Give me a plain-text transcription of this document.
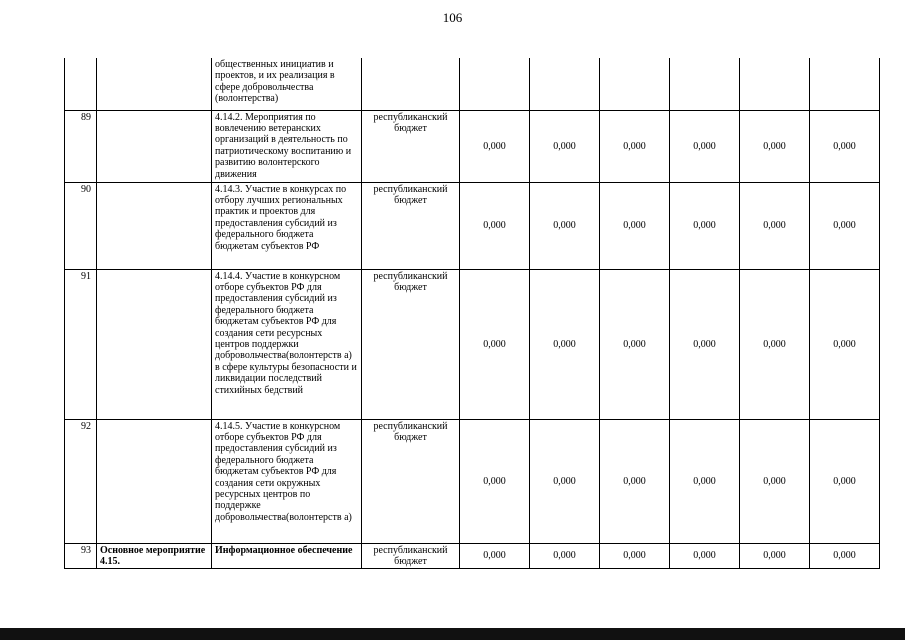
106
		общественных инициатив и проектов, и их реализация в сфере добровольчества (волонтерства)							
89		4.14.2. Мероприятия по вовлечению ветеранских организаций в деятельность по патриотическому воспитанию и развитию волонтерского движения	республиканский бюджет	0,000	0,000	0,000	0,000	0,000	0,000
90		4.14.3. Участие в конкурсах по отбору лучших региональных практик и проектов для предоставления субсидий из федерального бюджета бюджетам субъектов РФ	республиканский бюджет	0,000	0,000	0,000	0,000	0,000	0,000
91		4.14.4. Участие в конкурсном отборе субъектов РФ для предоставления субсидий из федерального бюджета бюджетам субъектов РФ для создания сети ресурсных центров поддержки добровольчества(волонтерств а) в сфере культуры безопасности и ликвидации последствий стихийных бедствий	республиканский бюджет	0,000	0,000	0,000	0,000	0,000	0,000
92		4.14.5. Участие в конкурсном отборе субъектов РФ для предоставления субсидий из федерального бюджета бюджетам субъектов РФ для создания сети окружных ресурсных центров по поддержке добровольчества(волонтерств а)	республиканский бюджет	0,000	0,000	0,000	0,000	0,000	0,000
93	Основное мероприятие 4.15.	Информационное обеспечение	республиканский бюджет	0,000	0,000	0,000	0,000	0,000	0,000
